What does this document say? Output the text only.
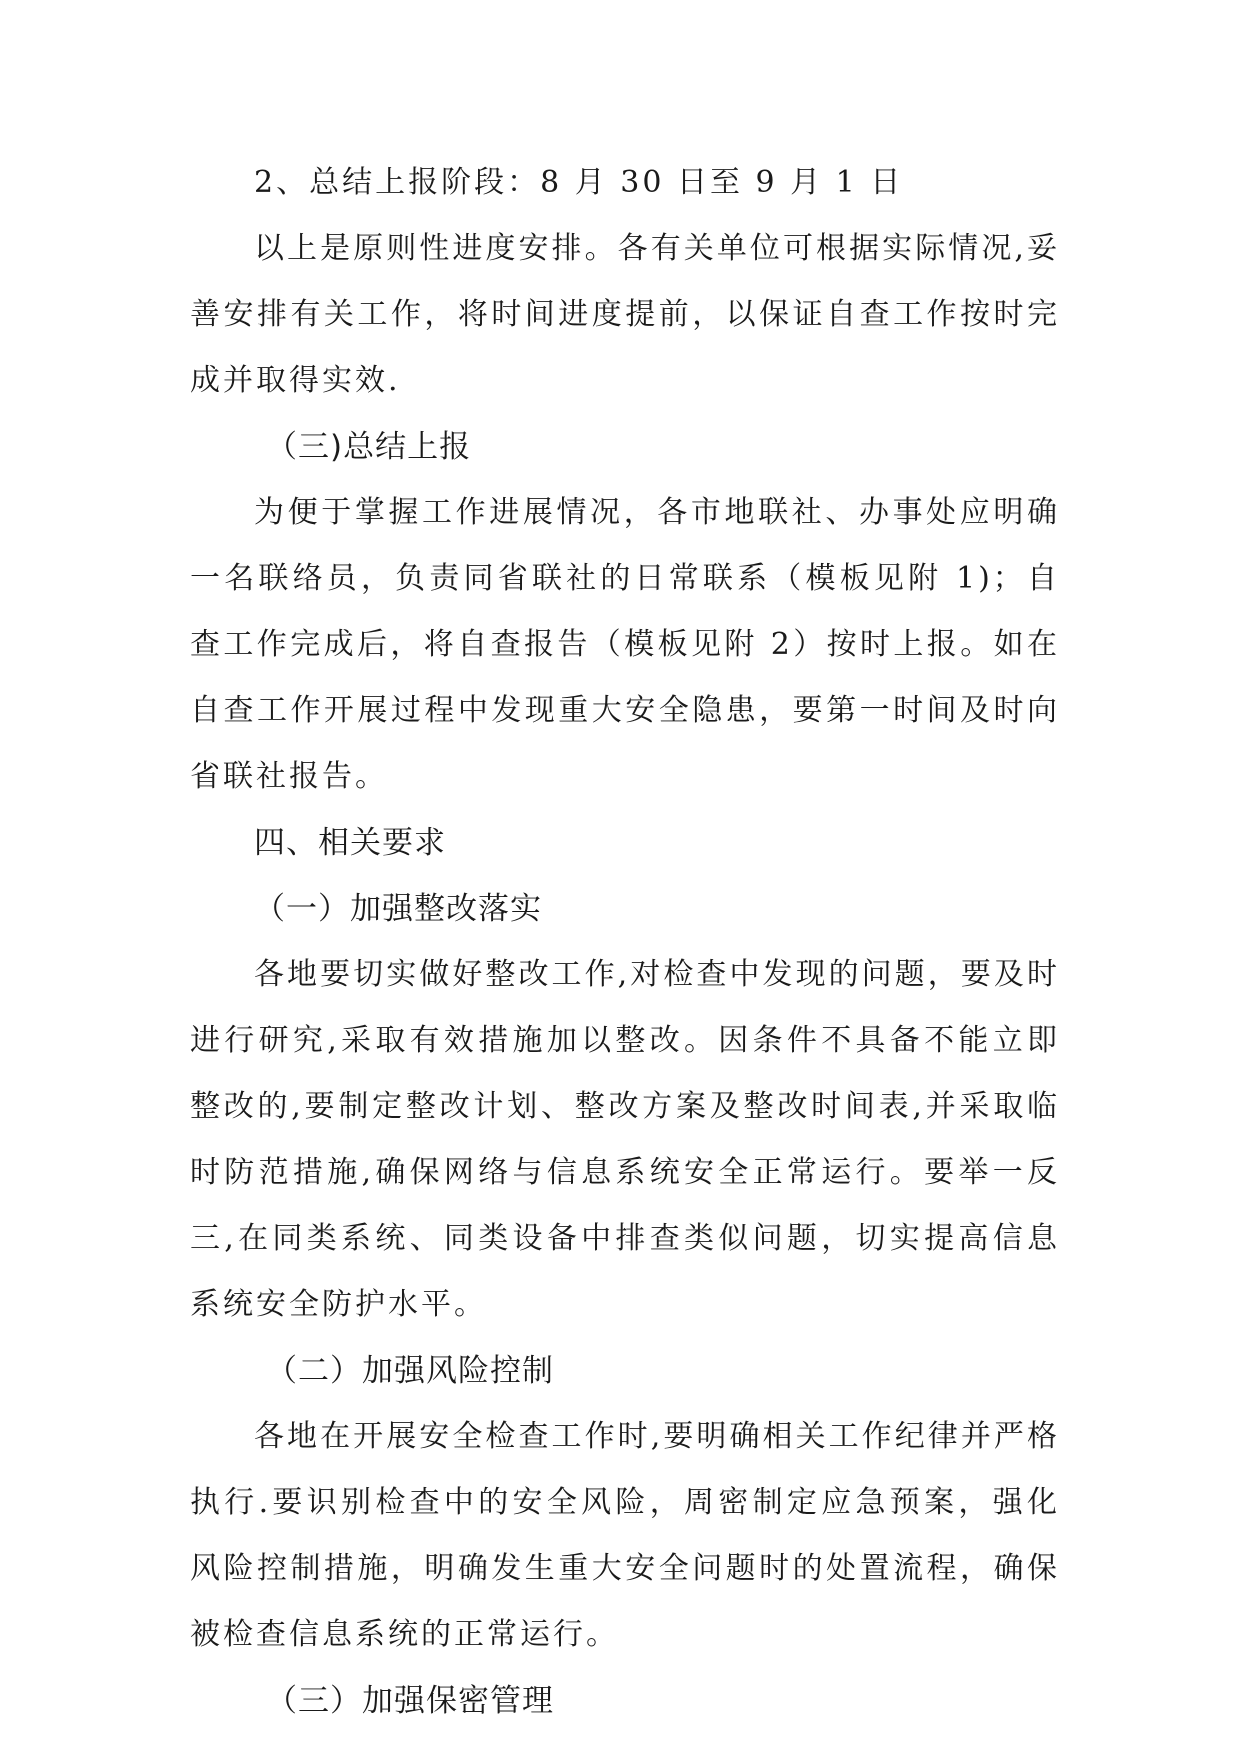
2、总结上报阶段：8 月 30 日至 9 月 1 日

以上是原则性进度安排。各有关单位可根据实际情况,妥善安排有关工作，将时间进度提前，以保证自查工作按时完成并取得实效.

（三)总结上报

为便于掌握工作进展情况，各市地联社、办事处应明确一名联络员，负责同省联社的日常联系（模板见附 1)；自查工作完成后，将自查报告（模板见附 2）按时上报。如在自查工作开展过程中发现重大安全隐患，要第一时间及时向省联社报告。

四、相关要求

（一）加强整改落实

各地要切实做好整改工作,对检查中发现的问题，要及时进行研究,采取有效措施加以整改。因条件不具备不能立即整改的,要制定整改计划、整改方案及整改时间表,并采取临时防范措施,确保网络与信息系统安全正常运行。要举一反三,在同类系统、同类设备中排查类似问题，切实提高信息系统安全防护水平。

（二）加强风险控制

各地在开展安全检查工作时,要明确相关工作纪律并严格执行.要识别检查中的安全风险，周密制定应急预案，强化风险控制措施，明确发生重大安全问题时的处置流程，确保被检查信息系统的正常运行。

（三）加强保密管理
